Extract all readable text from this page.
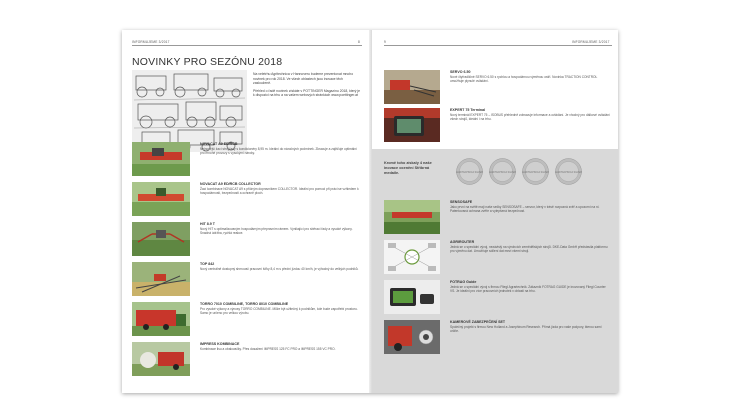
INFORMUJEME 3/2017	8
NOVINKY PRO SEZÓNU 2018

Na veletrhu Agritechnica v Hannoveru budeme prezentovat mnoho novinek pro rok 2018. Ve všech oblastech jsou inovace těch zaslouženě.

Přehled o řadě novinek získáte v POTTINGER Magazínu 2018, který je k dispozici na trhu a na vašem webových stránkách www.poettinger.at

NOVACAT A9 ED/RCB
Nejnovější žací stroj řady s kondicionéry 8,95 m. Ideální do náročných podmínek. Zkracuje a zajišťuje optimální pro mnohé provozy s vysokými nároky.
NOVACAT A9 ED/RCB COLLECTOR
Žací kombinace NOVACAT A9 s příčným dopravníkem COLLECTOR. Ideální pro pomoci při práci se vzhledem k hospodárnosti, bezpečnosti a ochraně ploch.
HIT 8.9 T
Nový HIT s optimalizovaným hospodárným přepravním rámem. Vynikající pro sběrací řady a vysoké výkony. Snadná údržba, rychlá reakce.
TOP 842
Nový centrálně dostupný shrnovač pracovní šířky 8,4 m s přední jízdou 40 km/h, je výhodný do velkých podniků.
TORRO 7010 COMBILINE, TORRO 8010 COMBILINE
Pro vysoké výkony a výnosy TORRO COMBILINE. Může být užitečný k podnikům, kde bude zapotřebí prostoru. Samo je určeno pro velkou výrobu.
IMPRESS KOMBINACE
Kombinace lisu a obalovačky. Přes dosažení IMPRESS 125 FC PRO a IMPRESS 155 VC PRO.
9	INFORMUJEME 3/2017
SERVO 6.50
Nové čtyřradličné SERVO 6.50 s rychlou a hospodárnou výměnou ostří. Novinka TRACTION CONTROL umožňuje plynulé ovládání.
EXPERT 75 Terminal
Nový terminál EXPERT 75 – ISOBUS přehledně zobrazuje informace a ovládání. Je vhodný pro dálkové ovládání všech strojů, ideální i na trhu.
Kromě toho získaly 4 naše inovace ocenění Stříbrná medaile.	AGRITECHNICA SILVER	AGRITECHNICA SILVER	AGRITECHNICA SILVER	AGRITECHNICA SILVER
SENSOSAFE
Jako první na světě mají naše sečky SENSOSAFE – senzor, který v trávě rozpozná zvěř a upozorní na ni. Patentovaná ochrana zvěře a vylepšená bezpečnost.
AGRIROUTER
Jedná se o speciální vývoj, nezávislý na výrobcích zemědělských strojů. DKE-Data GmbH představila platformu pro výměnu dat. Umožňuje sdílení dat mezi všemi stroji.
FOTRAG Guide
Jedná se o speciální vývoj s firmou Fliegl Agrartechnik. Zákazník FOTRAG GUIDE je inovovaný Fliegl Counter VS. Je ideální pro více pracovních jednotek v oblasti na trhu.
KAMEROVÉ ZABEZPEČENÍ SET
Společný projekt s firmou New Holland a Josephinum Research. Přímá jízda pro vaše podpory, kterou sami určíte.
